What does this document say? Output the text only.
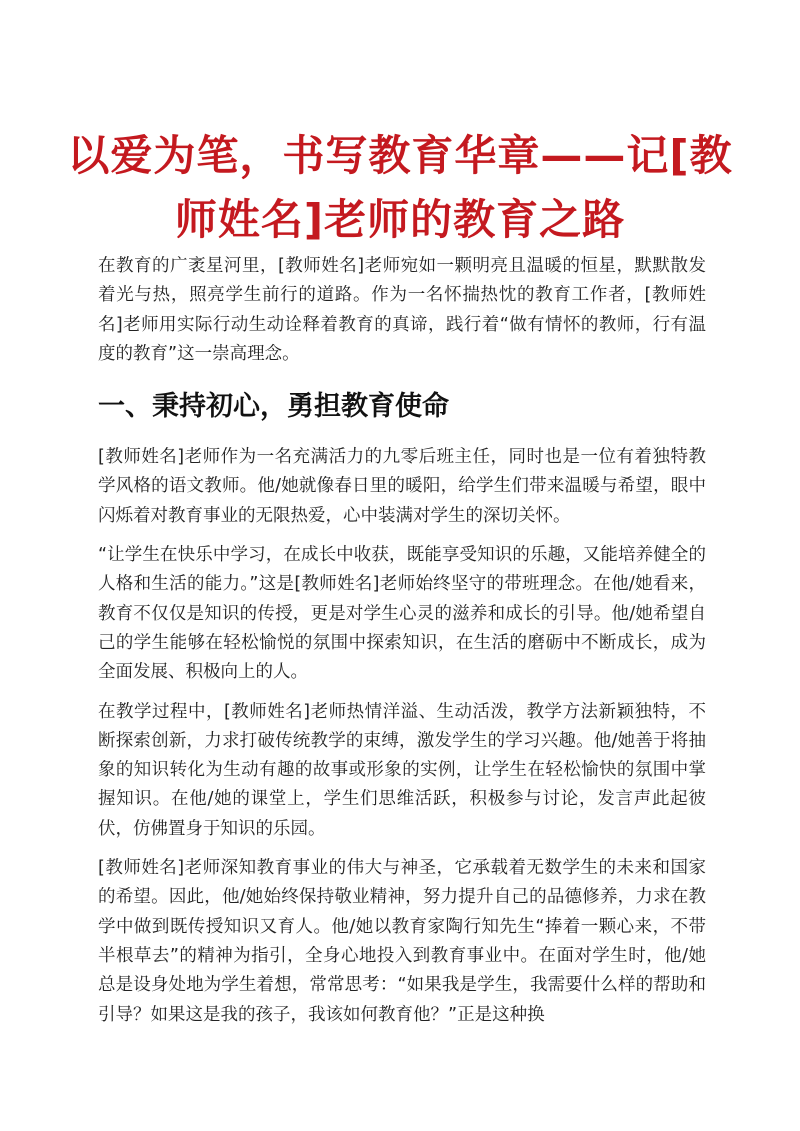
以爱为笔，书写教育华章——记[教师姓名]老师的教育之路

在教育的广袤星河里，[教师姓名]老师宛如一颗明亮且温暖的恒星，默默散发着光与热，照亮学生前行的道路。作为一名怀揣热忱的教育工作者，[教师姓名]老师用实际行动生动诠释着教育的真谛，践行着“做有情怀的教师，行有温度的教育”这一崇高理念。

一、秉持初心，勇担教育使命

[教师姓名]老师作为一名充满活力的九零后班主任，同时也是一位有着独特教学风格的语文教师。他/她就像春日里的暖阳，给学生们带来温暖与希望，眼中闪烁着对教育事业的无限热爱，心中装满对学生的深切关怀。

“让学生在快乐中学习，在成长中收获，既能享受知识的乐趣，又能培养健全的人格和生活的能力。”这是[教师姓名]老师始终坚守的带班理念。在他/她看来，教育不仅仅是知识的传授，更是对学生心灵的滋养和成长的引导。他/她希望自己的学生能够在轻松愉悦的氛围中探索知识，在生活的磨砺中不断成长，成为全面发展、积极向上的人。

在教学过程中，[教师姓名]老师热情洋溢、生动活泼，教学方法新颖独特，不断探索创新，力求打破传统教学的束缚，激发学生的学习兴趣。他/她善于将抽象的知识转化为生动有趣的故事或形象的实例，让学生在轻松愉快的氛围中掌握知识。在他/她的课堂上，学生们思维活跃，积极参与讨论，发言声此起彼伏，仿佛置身于知识的乐园。

[教师姓名]老师深知教育事业的伟大与神圣，它承载着无数学生的未来和国家的希望。因此，他/她始终保持敬业精神，努力提升自己的品德修养，力求在教学中做到既传授知识又育人。他/她以教育家陶行知先生“捧着一颗心来，不带半根草去”的精神为指引，全身心地投入到教育事业中。在面对学生时，他/她总是设身处地为学生着想，常常思考：“如果我是学生，我需要什么样的帮助和引导？如果这是我的孩子，我该如何教育他？”正是这种换
